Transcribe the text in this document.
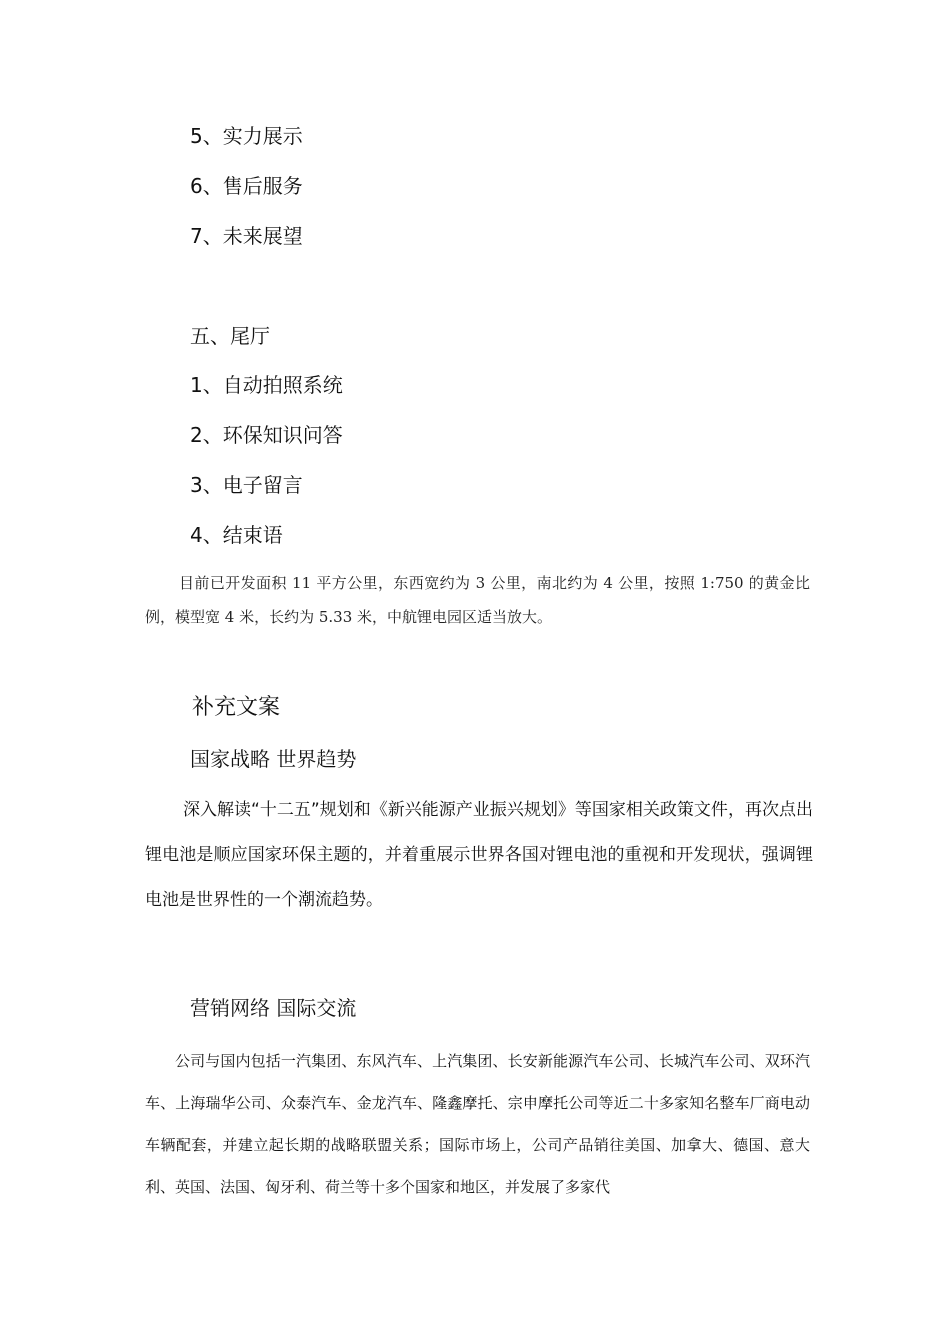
5、实力展示
6、售后服务
7、未来展望
五、尾厅
1、自动拍照系统
2、环保知识问答
3、电子留言
4、结束语
目前已开发面积 11 平方公里，东西宽约为 3 公里，南北约为 4 公里，按照 1:750 的黄金比例，模型宽 4 米，长约为 5.33 米，中航锂电园区适当放大。
补充文案
国家战略 世界趋势
深入解读“十二五”规划和《新兴能源产业振兴规划》等国家相关政策文件，再次点出锂电池是顺应国家环保主题的，并着重展示世界各国对锂电池的重视和开发现状，强调锂电池是世界性的一个潮流趋势。
营销网络 国际交流
公司与国内包括一汽集团、东风汽车、上汽集团、长安新能源汽车公司、长城汽车公司、双环汽车、上海瑞华公司、众泰汽车、金龙汽车、隆鑫摩托、宗申摩托公司等近二十多家知名整车厂商电动车辆配套，并建立起长期的战略联盟关系；国际市场上，公司产品销往美国、加拿大、德国、意大利、英国、法国、匈牙利、荷兰等十多个国家和地区，并发展了多家代
